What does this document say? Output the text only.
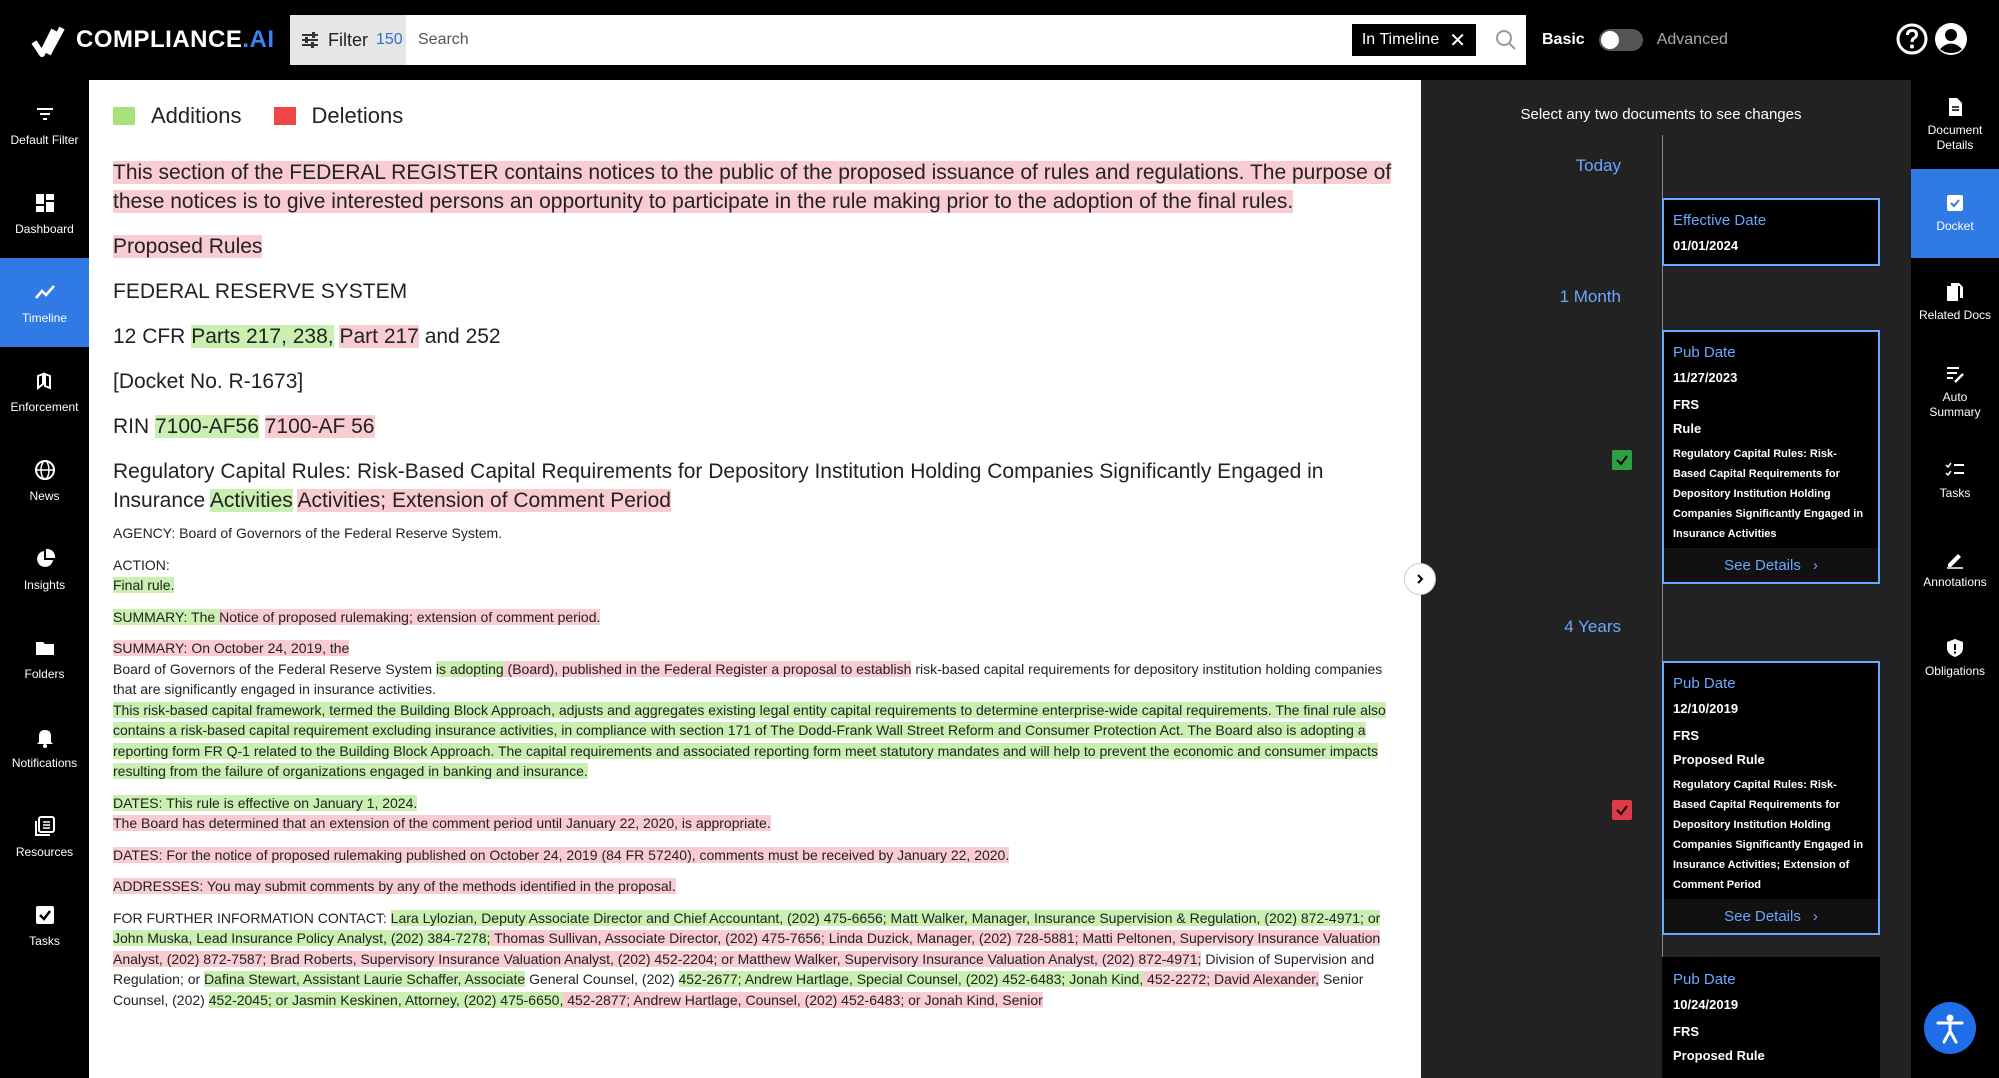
COMPLIANCE.AI	Filter 150
Search	In Timeline ✕	Basic	Advanced
Default Filter
Dashboard
Timeline
Enforcement
News
Insights
Folders
Notifications
Resources
Tasks
Additions	Deletions
This section of the FEDERAL REGISTER contains notices to the public of the proposed issuance of rules and regulations. The purpose of these notices is to give interested persons an opportunity to participate in the rule making prior to the adoption of the final rules.
Proposed Rules
FEDERAL RESERVE SYSTEM
12 CFR Parts 217, 238, Part 217 and 252
[Docket No. R-1673]
RIN 7100-AF56 7100-AF 56
Regulatory Capital Rules: Risk-Based Capital Requirements for Depository Institution Holding Companies Significantly Engaged in Insurance Activities Activities; Extension of Comment Period
AGENCY: Board of Governors of the Federal Reserve System.
ACTION:
Final rule.
SUMMARY: The Notice of proposed rulemaking; extension of comment period.
SUMMARY: On October 24, 2019, the
Board of Governors of the Federal Reserve System is adopting (Board), published in the Federal Register a proposal to establish risk-based capital requirements for depository institution holding companies that are significantly engaged in insurance activities.
This risk-based capital framework, termed the Building Block Approach, adjusts and aggregates existing legal entity capital requirements to determine enterprise-wide capital requirements. The final rule also contains a risk-based capital requirement excluding insurance activities, in compliance with section 171 of The Dodd-Frank Wall Street Reform and Consumer Protection Act. The Board also is adopting a reporting form FR Q-1 related to the Building Block Approach. The capital requirements and associated reporting form meet statutory mandates and will help to prevent the economic and consumer impacts resulting from the failure of organizations engaged in banking and insurance.
DATES: This rule is effective on January 1, 2024.
The Board has determined that an extension of the comment period until January 22, 2020, is appropriate.
DATES: For the notice of proposed rulemaking published on October 24, 2019 (84 FR 57240), comments must be received by January 22, 2020.
ADDRESSES: You may submit comments by any of the methods identified in the proposal.
FOR FURTHER INFORMATION CONTACT: Lara Lylozian, Deputy Associate Director and Chief Accountant, (202) 475-6656; Matt Walker, Manager, Insurance Supervision & Regulation, (202) 872-4971; or John Muska, Lead Insurance Policy Analyst, (202) 384-7278; Thomas Sullivan, Associate Director, (202) 475-7656; Linda Duzick, Manager, (202) 728-5881; Matti Peltonen, Supervisory Insurance Valuation Analyst, (202) 872-7587; Brad Roberts, Supervisory Insurance Valuation Analyst, (202) 452-2204; or Matthew Walker, Supervisory Insurance Valuation Analyst, (202) 872-4971; Division of Supervision and Regulation; or Dafina Stewart, Assistant Laurie Schaffer, Associate General Counsel, (202) 452-2677; Andrew Hartlage, Special Counsel, (202) 452-6483; Jonah Kind, 452-2272; David Alexander, Senior Counsel, (202) 452-2045; or Jasmin Keskinen, Attorney, (202) 475-6650, 452-2877; Andrew Hartlage, Counsel, (202) 452-6483; or Jonah Kind, Senior
Select any two documents to see changes
Today
1 Month
4 Years
Effective Date
01/01/2024
Pub Date
11/27/2023
FRS
Rule
Regulatory Capital Rules: Risk-Based Capital Requirements for Depository Institution Holding Companies Significantly Engaged in Insurance Activities
See Details ›
Pub Date
12/10/2019
FRS
Proposed Rule
Regulatory Capital Rules: Risk-Based Capital Requirements for Depository Institution Holding Companies Significantly Engaged in Insurance Activities; Extension of Comment Period
See Details ›
Pub Date
10/24/2019
FRS
Proposed Rule
Document
Details
Docket
Related Docs
Auto
Summary
Tasks
Annotations
Obligations
